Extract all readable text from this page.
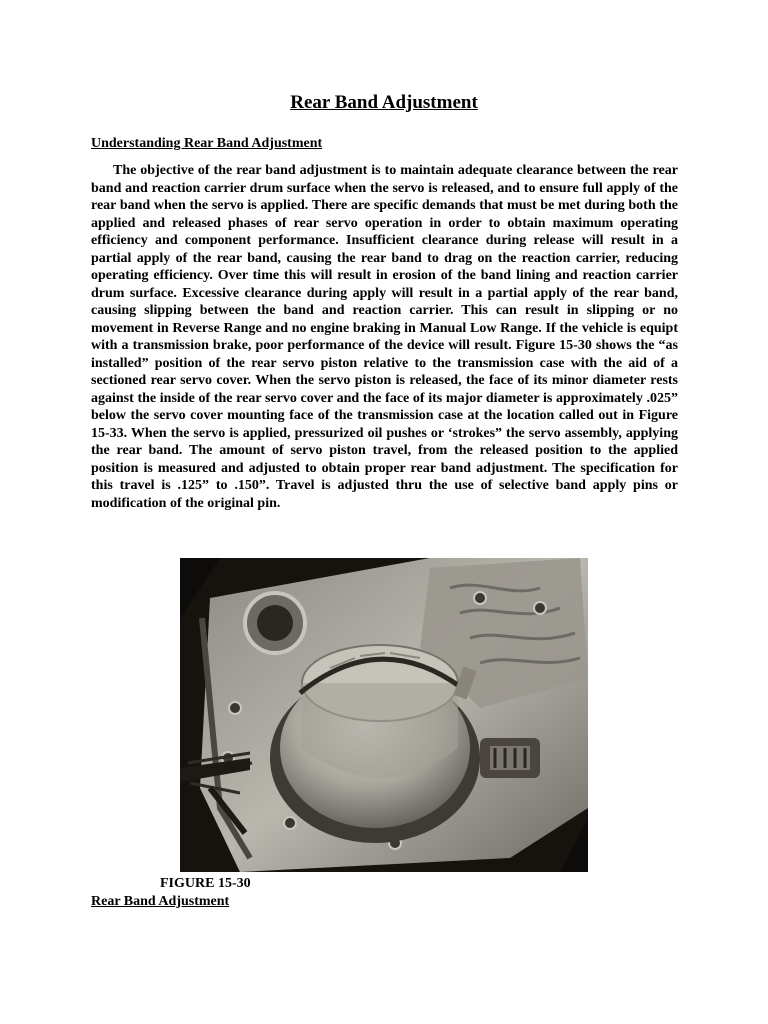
Rear Band Adjustment
Understanding Rear Band Adjustment

The objective of the rear band adjustment is to maintain adequate clearance between the rear band and reaction carrier drum surface when the servo is released, and to ensure full apply of the rear band when the servo is applied. There are specific demands that must be met during both the applied and released phases of rear servo operation in order to obtain maximum operating efficiency and component performance. Insufficient clearance during release will result in a partial apply of the rear band, causing the rear band to drag on the reaction carrier, reducing operating efficiency. Over time this will result in erosion of the band lining and reaction carrier drum surface. Excessive clearance during apply will result in a partial apply of the rear band, causing slipping between the band and reaction carrier. This can result in slipping or no movement in Reverse Range and no engine braking in Manual Low Range. If the vehicle is equipt with a transmission brake, poor performance of the device will result. Figure 15-30 shows the “as installed” position of the rear servo piston relative to the transmission case with the aid of a sectioned rear servo cover. When the servo piston is released, the face of its minor diameter rests against the inside of the rear servo cover and the face of its major diameter is approximately .025” below the servo cover mounting face of the transmission case at the location called out in Figure 15-33. When the servo is applied, pressurized oil pushes or ‘strokes” the servo assembly, applying the rear band. The amount of servo piston travel, from the released position to the applied position is measured and adjusted to obtain proper rear band adjustment. The specification for this travel is .125” to .150”. Travel is adjusted thru the use of selective band apply pins or modification of the original pin.

FIGURE 15-30

Rear Band Adjustment
